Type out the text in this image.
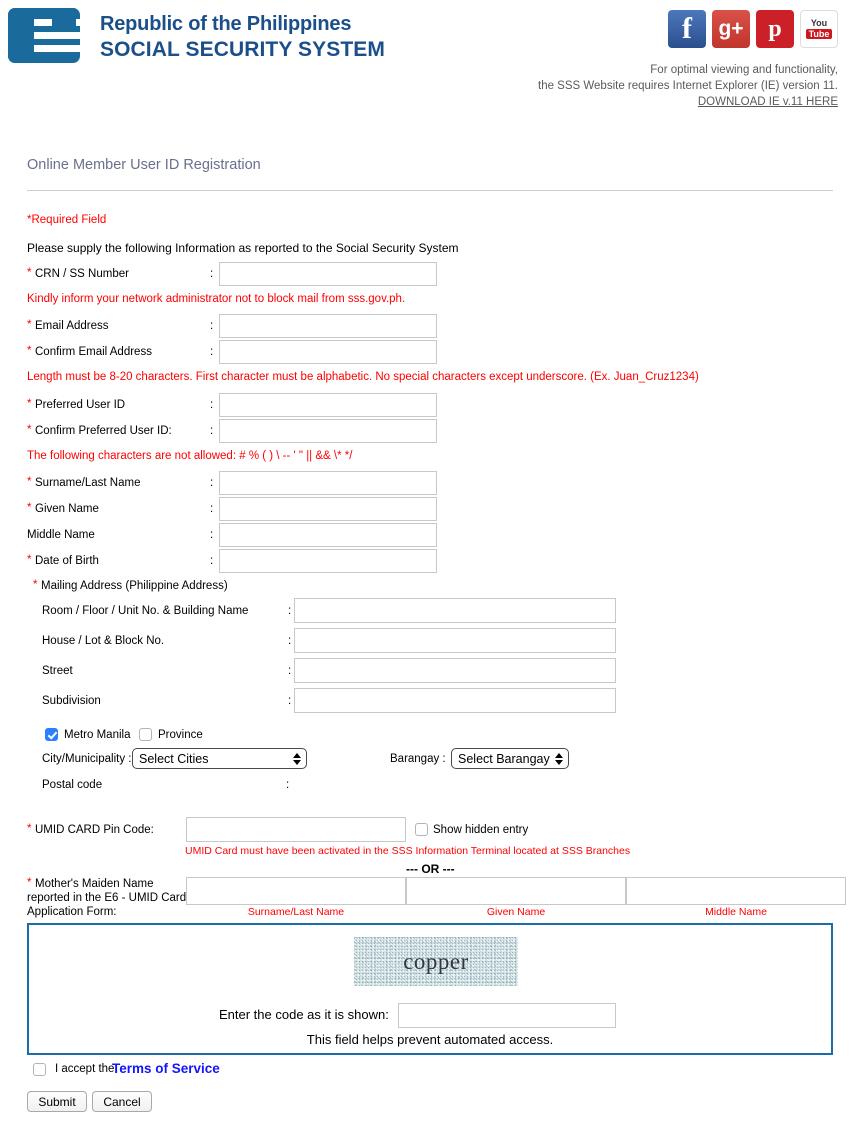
Republic of the Philippines
SOCIAL SECURITY SYSTEM
f g+ p	You
Tube
For optimal viewing and functionality,
the SSS Website requires Internet Explorer (IE) version 11.
DOWNLOAD IE v.11 HERE
Online Member User ID Registration
*Required Field
Please supply the following Information as reported to the Social Security System
* CRN / SS Number	:
Kindly inform your network administrator not to block mail from sss.gov.ph.
* Email Address	:
* Confirm Email Address	:
Length must be 8-20 characters. First character must be alphabetic. No special characters except underscore. (Ex. Juan_Cruz1234)
* Preferred User ID	:
* Confirm Preferred User ID:	:
The following characters are not allowed: # % ( ) \ -- ' " || && \* */
* Surname/Last Name	:
* Given Name	:
Middle Name	:
* Date of Birth	:
* Mailing Address (Philippine Address)
Room / Floor / Unit No. & Building Name	:
House / Lot & Block No.	:
Street	:
Subdivision	:
Metro Manila Province
City/Municipality : Select Cities	Barangay : Select Barangay
Postal code	:
* UMID CARD Pin Code:	Show hidden entry
UMID Card must have been activated in the SSS Information Terminal located at SSS Branches
--- OR ---
* Mother's Maiden Name
reported in the E6 - UMID Card
Application Form:	Surname/Last Name	Given Name	Middle Name
copper
Enter the code as it is shown:
This field helps prevent automated access.
I accept the
Terms of Service
Submit	Cancel
